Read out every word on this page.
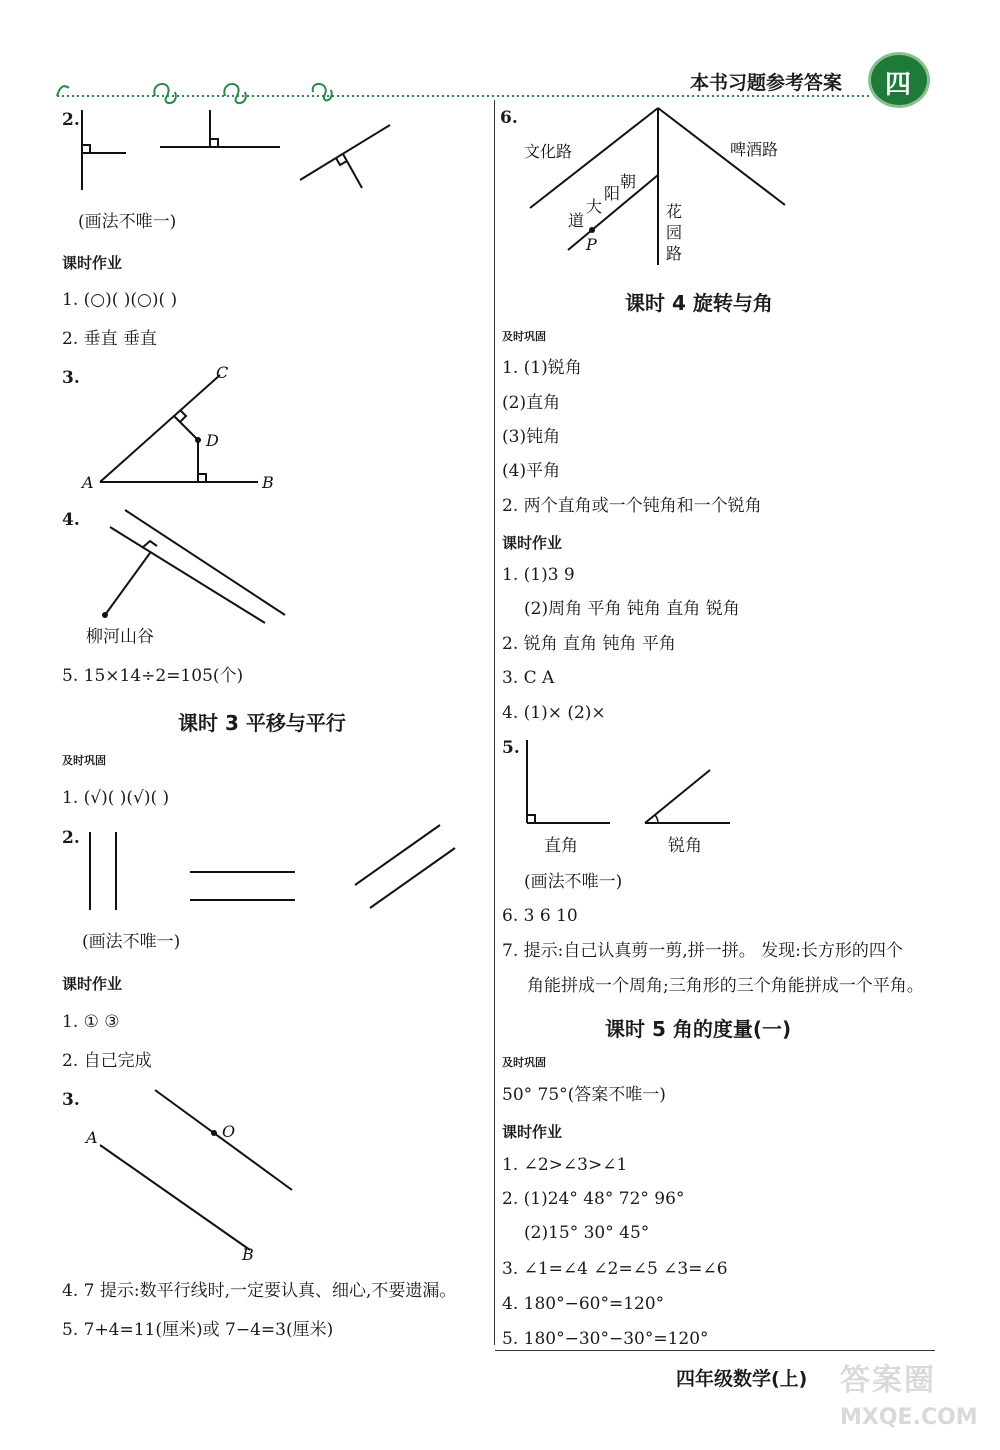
本书习题参考答案 四
2.
(画法不唯一)
课时作业
1. (○)( )(○)( )
2. 垂直 垂直
3.
A	B
C
D
4.
柳河山谷
5. 15×14÷2=105(个)
课时 3 平移与平行
及时巩固
1. (√)( )(√)( )
2.
(画法不唯一)
课时作业
1. ① ③
2. 自己完成
3.
A
B
O
4. 7 提示:数平行线时,一定要认真、细心,不要遗漏。
5. 7+4=11(厘米)或 7−4=3(厘米)
6.
文化路	啤酒路
朝
阳
大
道
P
花
园
路
课时 4 旋转与角
及时巩固
1. (1)锐角
(2)直角
(3)钝角
(4)平角
2. 两个直角或一个钝角和一个锐角
课时作业
1. (1)3 9
(2)周角 平角 钝角 直角 锐角
2. 锐角 直角 钝角 平角
3. C A
4. (1)× (2)×
5.
直角	锐角
(画法不唯一)
6. 3 6 10
7. 提示:自己认真剪一剪,拼一拼。 发现:长方形的四个
角能拼成一个周角;三角形的三个角能拼成一个平角。
课时 5 角的度量(一)
及时巩固
50° 75°(答案不唯一)
课时作业
1. ∠2>∠3>∠1
2. (1)24° 48° 72° 96°
(2)15° 30° 45°
3. ∠1=∠4 ∠2=∠5 ∠3=∠6
4. 180°−60°=120°
5. 180°−30°−30°=120°
四年级数学(上) 答案圈
MXQE.COM
